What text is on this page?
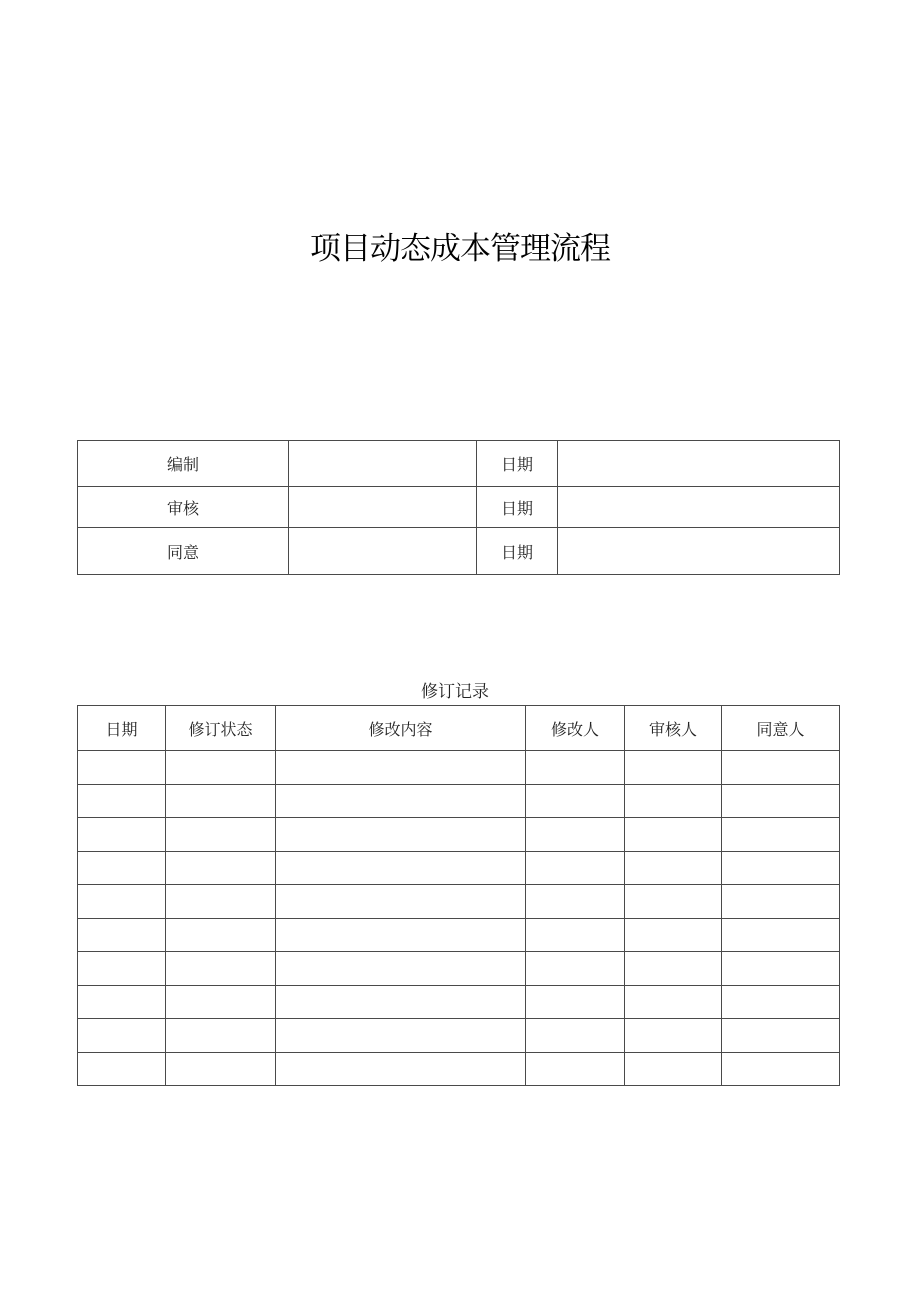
项目动态成本管理流程
编制		日期	
审核		日期	
同意		日期	
修订记录
日期	修订状态	修改内容	修改人	审核人	同意人
